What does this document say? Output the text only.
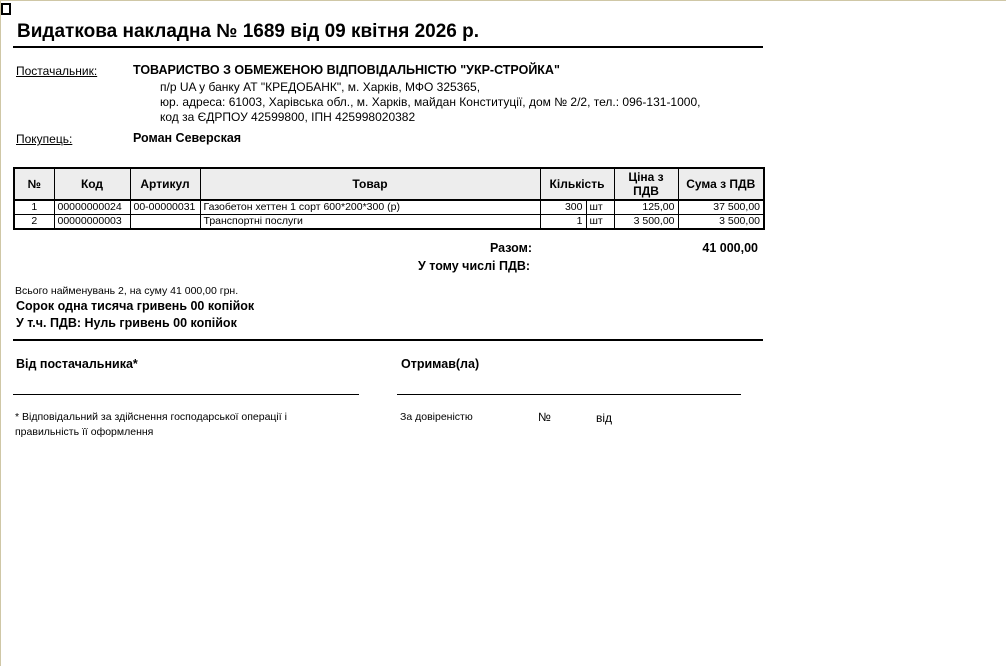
Видаткова накладна № 1689 від 09 квітня 2026 р.
Постачальник:	ТОВАРИСТВО З ОБМЕЖЕНОЮ ВІДПОВІДАЛЬНІСТЮ "УКР-СТРОЙКА"
п/р UA у банку АТ "КРЕДОБАНК", м. Харків, МФО 325365,
юр. адреса: 61003, Харівська обл., м. Харків, майдан Конституції, дом № 2/2, тел.: 096-131-1000,
код за ЄДРПОУ 42599800, ІПН 425998020382
Покупець:	Роман Северская
№	Код	Артикул	Товар	Кількість		Ціна з ПДВ	Сума з ПДВ
1	00000000024	00-00000031	Газобетон хеттен 1 сорт 600*200*300 (р)	300	шт	125,00	37 500,00
2	00000000003		Транспортні послуги	1	шт	3 500,00	3 500,00
Разом:	41 000,00
У тому числі ПДВ:
Всього найменувань 2, на суму 41 000,00 грн.
Сорок одна тисяча гривень 00 копійок
У т.ч. ПДВ: Нуль гривень 00 копійок
Від постачальника*	Отримав(ла)
* Відповідальний за здійснення господарської операції і
правильність її оформлення
За довіреністю	№	від
